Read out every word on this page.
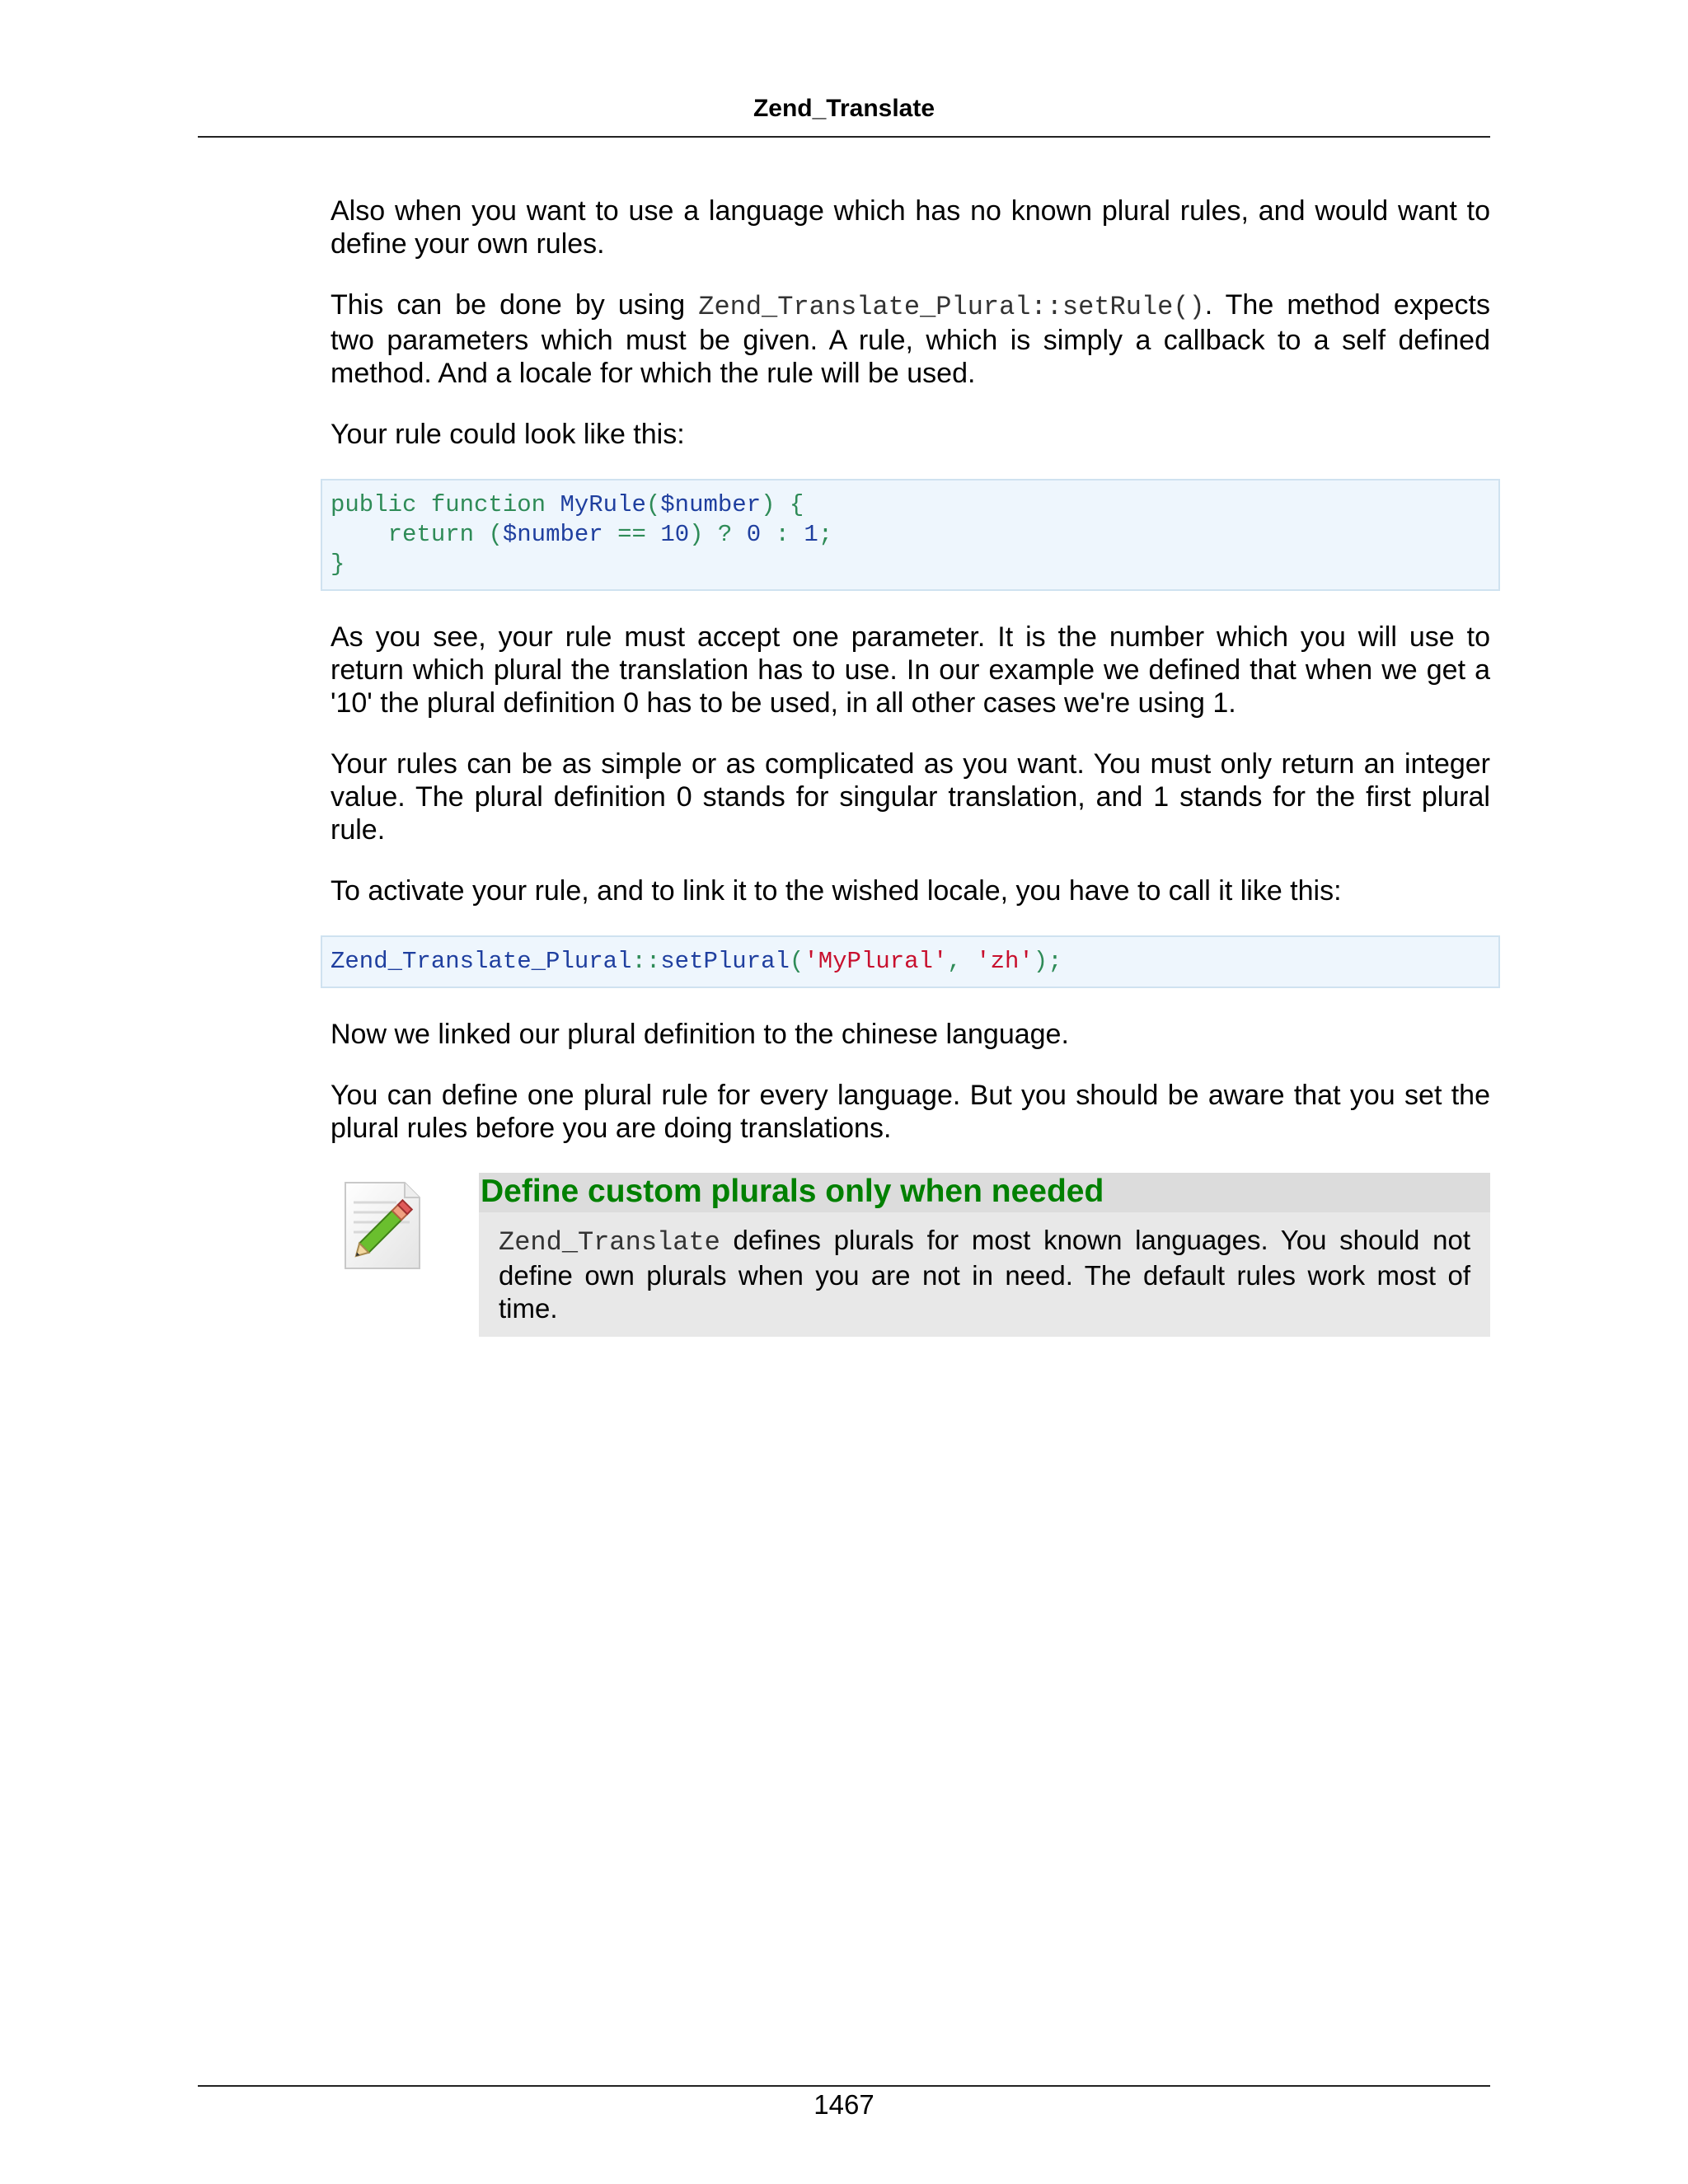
Zend_Translate

Also when you want to use a language which has no known plural rules, and would want to define your own rules.

This can be done by using Zend_Translate_Plural::setRule(). The method expects two parameters which must be given. A rule, which is simply a callback to a self defined method. And a locale for which the rule will be used.

Your rule could look like this:

public function MyRule($number) {
return ($number == 10) ? 0 : 1;
}

As you see, your rule must accept one parameter. It is the number which you will use to return which plural the translation has to use. In our example we defined that when we get a '10' the plural definition 0 has to be used, in all other cases we're using 1.

Your rules can be as simple or as complicated as you want. You must only return an integer value. The plural definition 0 stands for singular translation, and 1 stands for the first plural rule.

To activate your rule, and to link it to the wished locale, you have to call it like this:

Zend_Translate_Plural::setPlural('MyPlural', 'zh');

Now we linked our plural definition to the chinese language.

You can define one plural rule for every language. But you should be aware that you set the plural rules before you are doing translations.

Define custom plurals only when needed
Zend_Translate defines plurals for most known languages. You should not define own plurals when you are not in need. The default rules work most of time.
1467
